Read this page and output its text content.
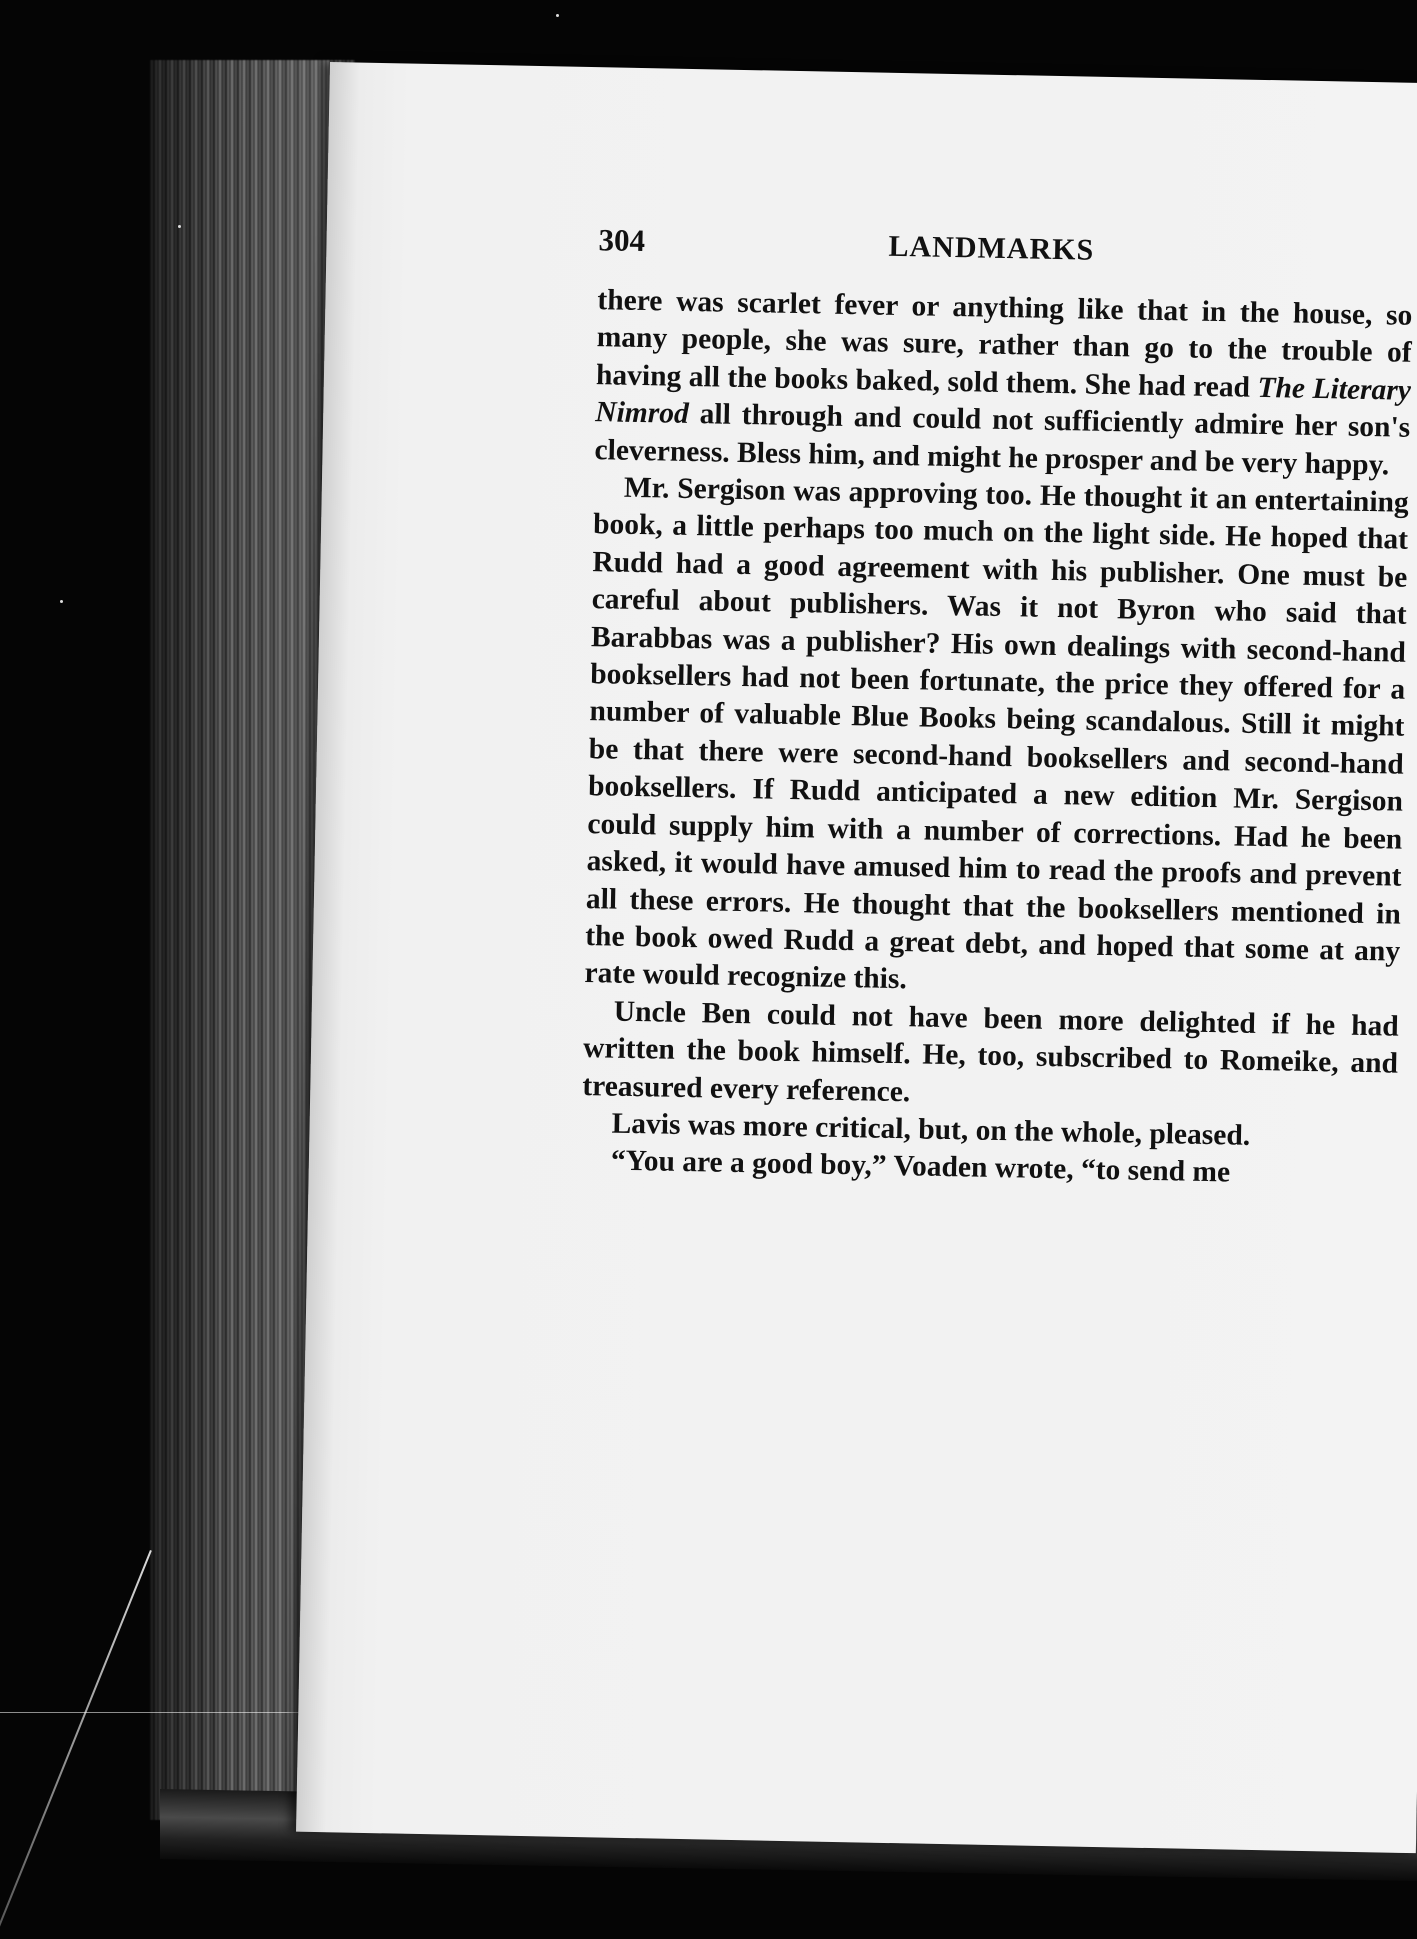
304	LANDMARKS

there was scarlet fever or anything like that in the house, so many people, she was sure, rather than go to the trouble of having all the books baked, sold them. She had read The Literary Nimrod all through and could not sufficiently admire her son's cleverness. Bless him, and might he prosper and be very happy.

Mr. Sergison was approving too. He thought it an entertaining book, a little perhaps too much on the light side. He hoped that Rudd had a good agreement with his publisher. One must be careful about publishers. Was it not Byron who said that Barabbas was a publisher? His own dealings with second-hand booksellers had not been fortunate, the price they offered for a number of valuable Blue Books being scandalous. Still it might be that there were second-hand booksellers and second-hand booksellers. If Rudd anticipated a new edition Mr. Sergison could supply him with a number of corrections. Had he been asked, it would have amused him to read the proofs and prevent all these errors. He thought that the booksellers mentioned in the book owed Rudd a great debt, and hoped that some at any rate would recognize this.

Uncle Ben could not have been more delighted if he had written the book himself. He, too, subscribed to Romeike, and treasured every reference.

Lavis was more critical, but, on the whole, pleased.

“You are a good boy,” Voaden wrote, “to send me
